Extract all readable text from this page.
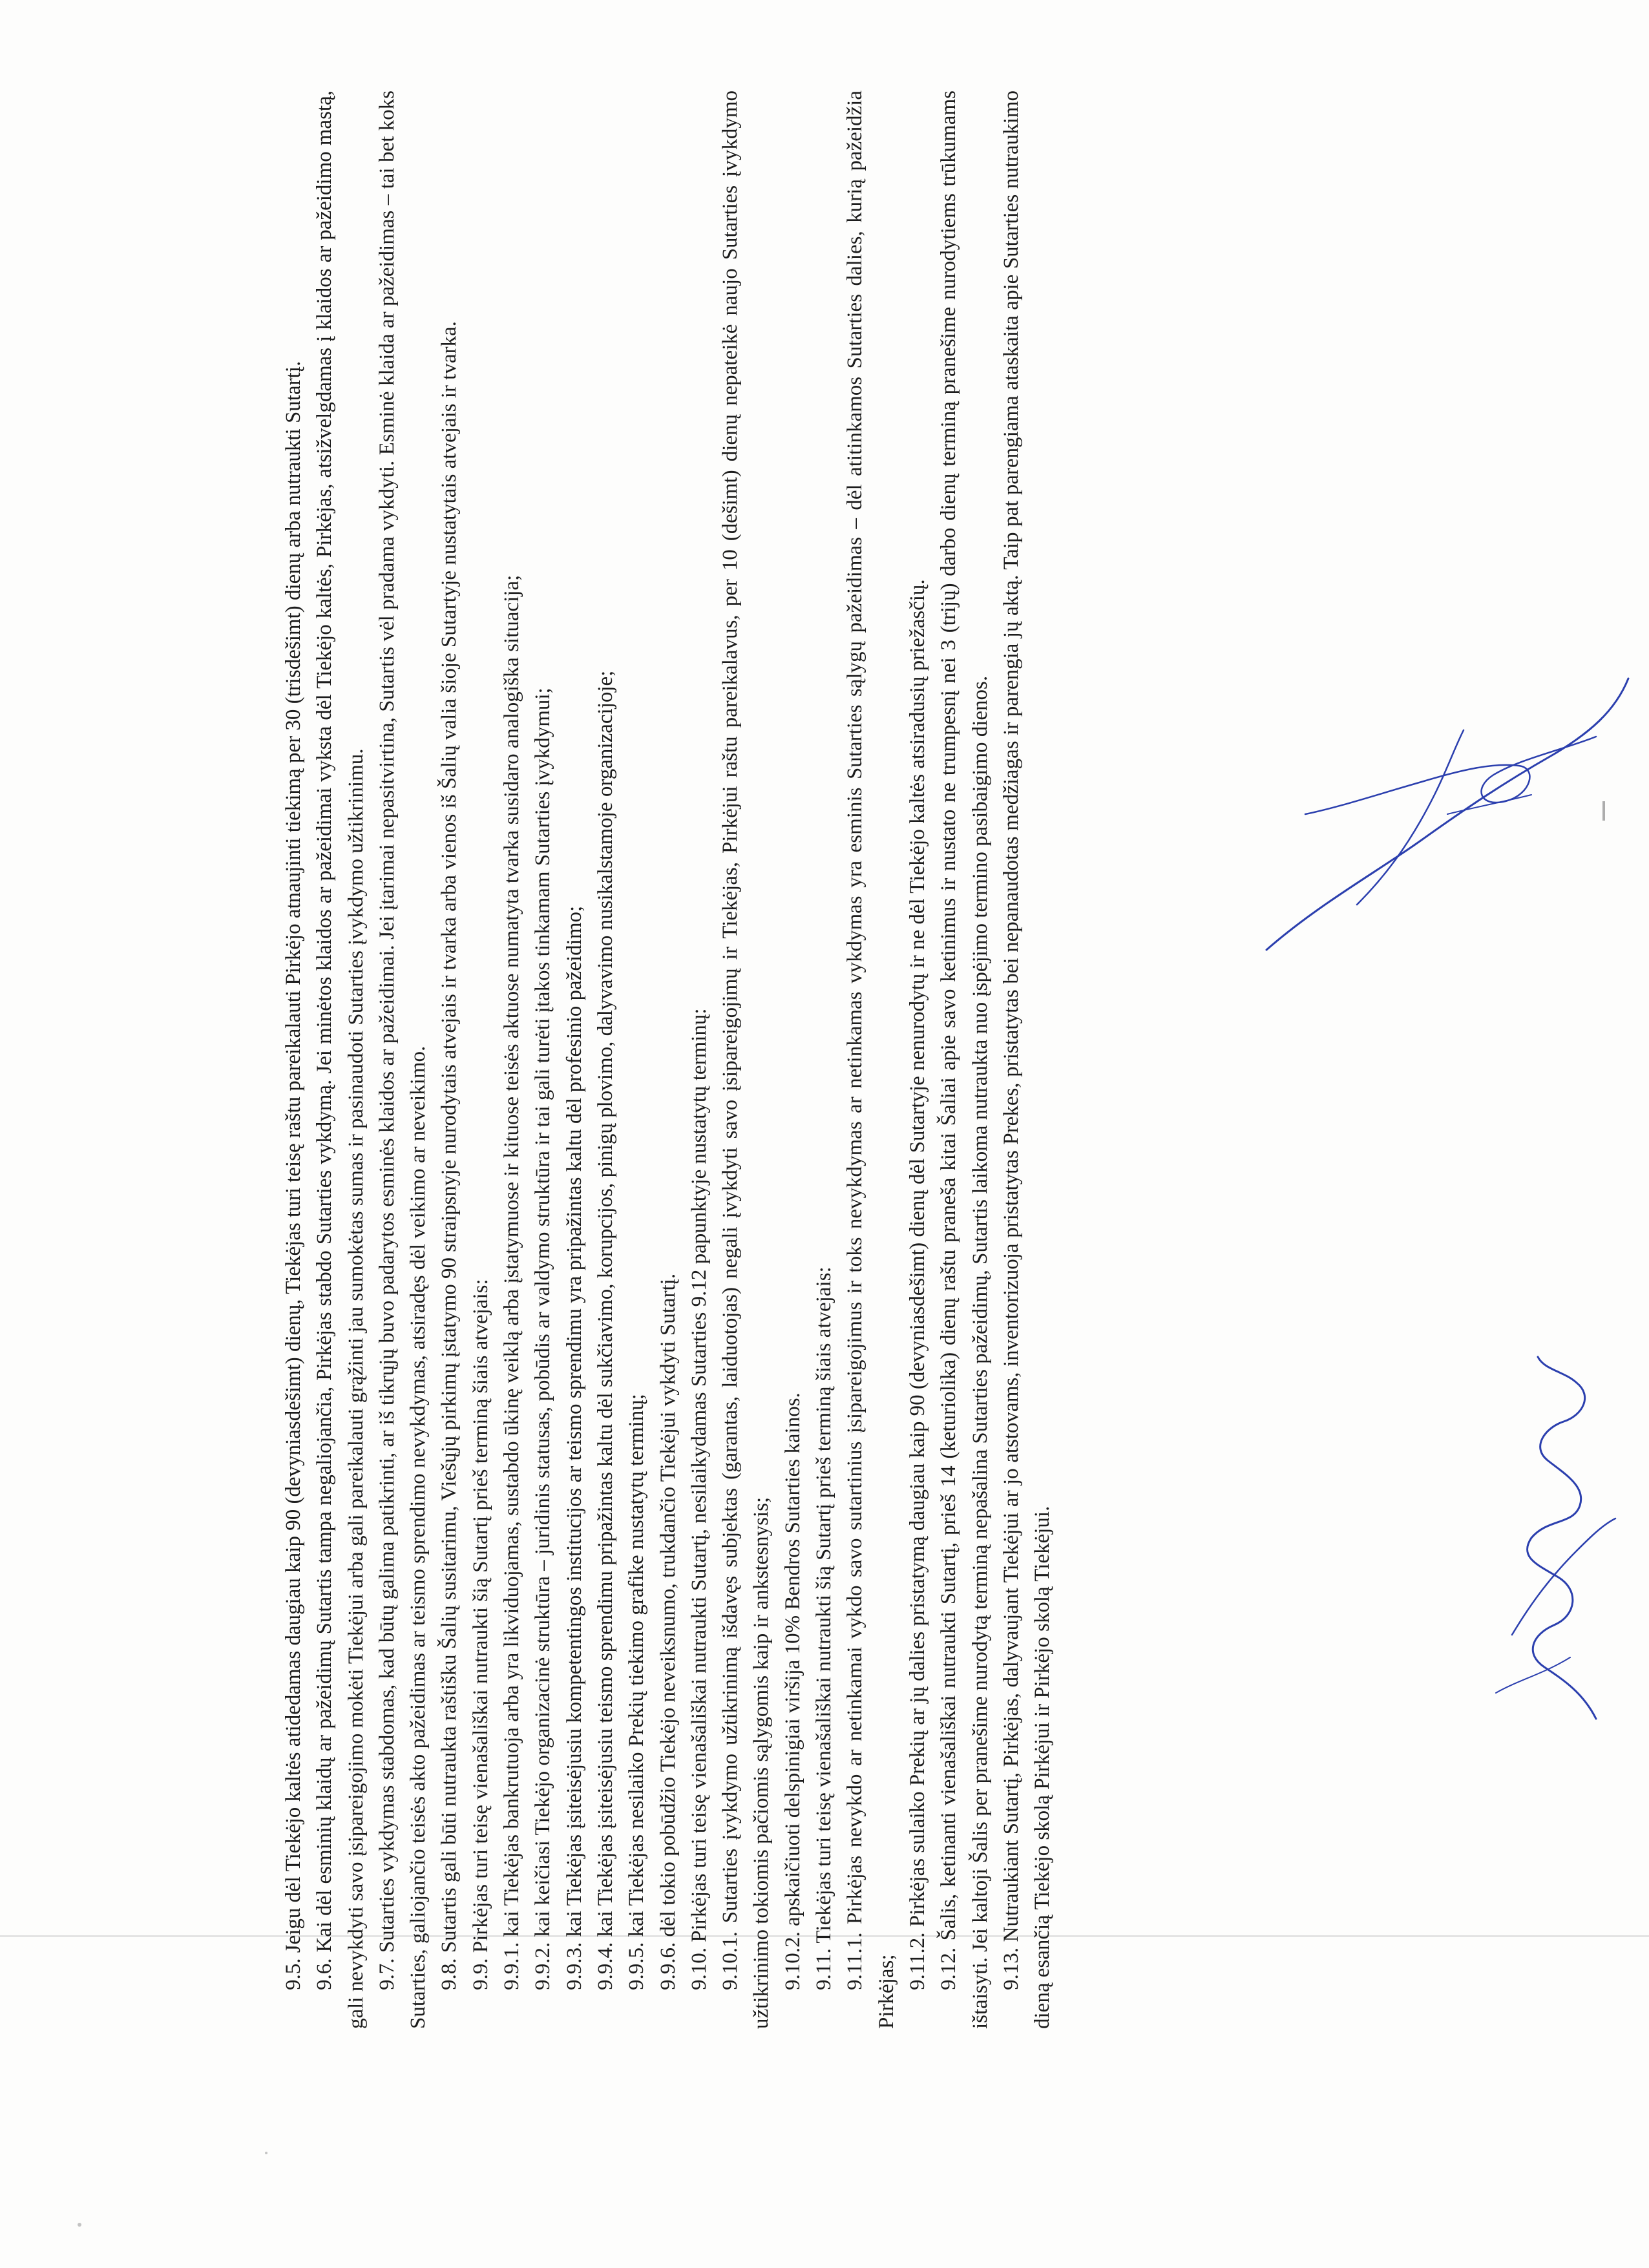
9.5. Jeigu dėl Tiekėjo kaltės atidedamas daugiau kaip 90 (devyniasdešimt) dienų, Tiekėjas turi teisę raštu pareikalauti Pirkėjo atnaujinti tiekimą per 30 (trisdešimt) dienų arba nutraukti Sutartį. 9.6. Kai dėl esminių klaidų ar pažeidimų Sutartis tampa negaliojančia, Pirkėjas stabdo Sutarties vykdymą. Jei minėtos klaidos ar pažeidimai vyksta dėl Tiekėjo kaltės, Pirkėjas, atsižvelgdamas į klaidos ar pažeidimo mastą, gali nevykdyti savo įsipareigojimo mokėti Tiekėjui arba gali pareikalauti grąžinti jau sumokėtas sumas ir pasinaudoti Sutarties įvykdymo užtikrinimu. 9.7. Sutarties vykdymas stabdomas, kad būtų galima patikrinti, ar iš tikrųjų buvo padarytos esminės klaidos ar pažeidimai. Jei įtarimai nepasitvirtina, Sutartis vėl pradama vykdyti. Esminė klaida ar pažeidimas – tai bet koks Sutarties, galiojančio teisės akto pažeidimas ar teismo sprendimo nevykdymas, atsiradęs dėl veikimo ar neveikimo. 9.8. Sutartis gali būti nutraukta raštišku Šalių susitarimu, Viešųjų pirkimų įstatymo 90 straipsnyje nurodytais atvejais ir tvarka arba vienos iš Šalių valia šioje Sutartyje nustatytais atvejais ir tvarka. 9.9. Pirkėjas turi teisę vienašališkai nutraukti šią Sutartį prieš terminą šiais atvejais: 9.9.1. kai Tiekėjas bankrutuoja arba yra likviduojamas, sustabdo ūkinę veiklą arba įstatymuose ir kituose teisės aktuose numatyta tvarka susidaro analogiška situacija; 9.9.2. kai keičiasi Tiekėjo organizacinė struktūra – juridinis statusas, pobūdis ar valdymo struktūra ir tai gali turėti įtakos tinkamam Sutarties įvykdymui; 9.9.3. kai Tiekėjas įsiteisėjusiu kompetentingos institucijos ar teismo sprendimu yra pripažintas kaltu dėl profesinio pažeidimo; 9.9.4. kai Tiekėjas įsiteisėjusiu teismo sprendimu pripažintas kaltu dėl sukčiavimo, korupcijos, pinigų plovimo, dalyvavimo nusikalstamoje organizacijoje; 9.9.5. kai Tiekėjas nesilaiko Prekių tiekimo grafike nustatytų terminų; 9.9.6. dėl tokio pobūdžio Tiekėjo neveiksnumo, trukdančio Tiekėjui vykdyti Sutartį. 9.10. Pirkėjas turi teisę vienašališkai nutraukti Sutartį, nesilaikydamas Sutarties 9.12 papunktyje nustatytų terminų: 9.10.1. Sutarties įvykdymo užtikrinimą išdavęs subjektas (garantas, laiduotojas) negali įvykdyti savo įsipareigojimų ir Tiekėjas, Pirkėjui raštu pareikalavus, per 10 (dešimt) dienų nepateikė naujo Sutarties įvykdymo užtikrinimo tokiomis pačiomis sąlygomis kaip ir ankstesnysis; 9.10.2. apskaičiuoti delspinigiai viršija 10% Bendros Sutarties kainos. 9.11. Tiekėjas turi teisę vienašališkai nutraukti šią Sutartį prieš terminą šiais atvejais: 9.11.1. Pirkėjas nevykdo ar netinkamai vykdo savo sutartinius įsipareigojimus ir toks nevykdymas ar netinkamas vykdymas yra esminis Sutarties sąlygų pažeidimas – dėl atitinkamos Sutarties dalies, kurią pažeidžia Pirkėjas;

9.11.2. Pirkėjas sulaiko Prekių ar jų dalies pristatymą daugiau kaip 90 (devyniasdešimt) dienų dėl Sutartyje nenurodytų ir ne dėl Tiekėjo kaltės atsiradusių priežasčių. 9.12. Šalis, ketinanti vienašališkai nutraukti Sutartį, prieš 14 (keturiolika) dienų raštu praneša kitai Šaliai apie savo ketinimus ir nustato ne trumpesnį nei 3 (trijų) darbo dienų terminą pranešime nurodytiems trūkumams ištaisyti. Jei kaltoji Šalis per pranešime nurodytą terminą nepašalina Sutarties pažeidimų, Sutartis laikoma nutraukta nuo įspėjimo termino pasibaigimo dienos. 9.13. Nutraukiant Sutartį, Pirkėjas, dalyvaujant Tiekėjui ar jo atstovams, inventorizuoja pristatytas Prekes, pristatytas bei nepanaudotas medžiagas ir parengia jų aktą. Taip pat parengiama ataskaita apie Sutarties nutraukimo dieną esančią Tiekėjo skolą Pirkėjui ir Pirkėjo skolą Tiekėjui.
